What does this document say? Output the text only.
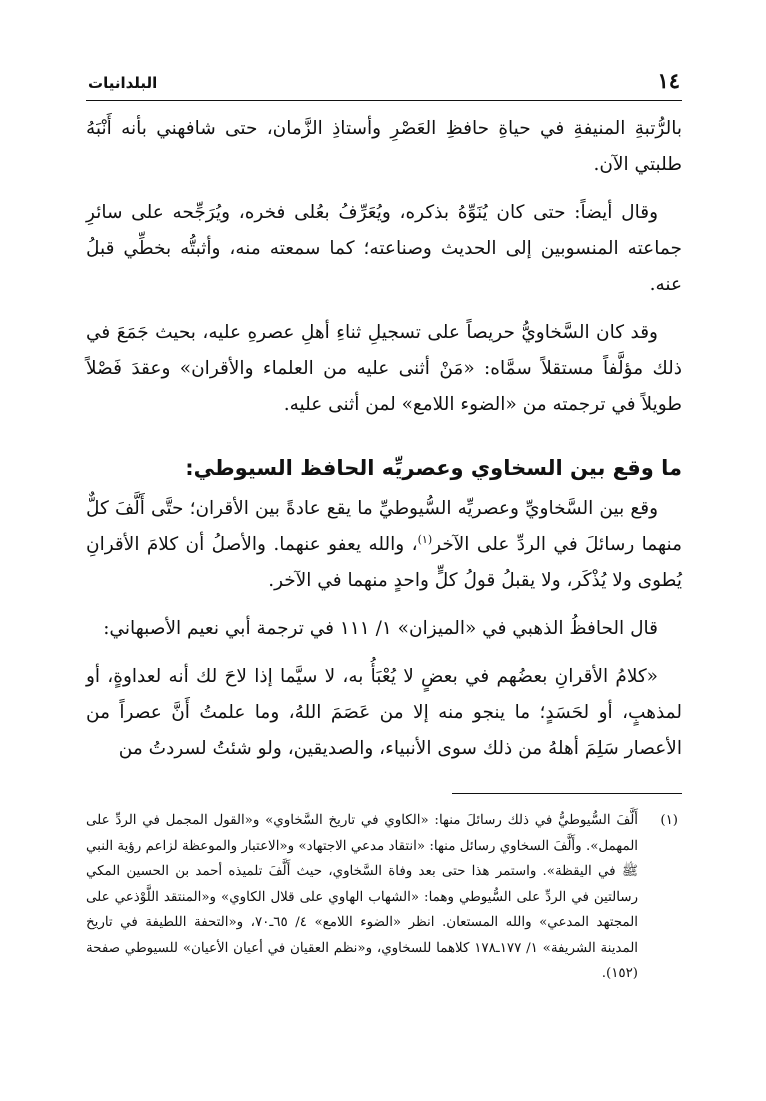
١٤
البلدانيات

بالرُّتبةِ المنيفةِ في حياةِ حافظِ العَصْرِ وأستاذِ الزَّمان، حتى شافهني بأنه أَنْبَهُ طلبتي الآن.

وقال أيضاً: حتى كان يُنَوِّهُ بذكره، ويُعَرِّفُ بعُلى فخره، ويُرَجِّحه على سائرِ جماعته المنسوبين إلى الحديث وصناعته؛ كما سمعته منه، وأثبتُّه بخطِّي قبلُ عنه.

وقد كان السَّخاويُّ حريصاً على تسجيلِ ثناءِ أهلِ عصرهِ عليه، بحيث جَمَعَ في ذلك مؤلَّفاً مستقلاً سمَّاه: «مَنْ أثنى عليه من العلماء والأقران» وعقدَ فَصْلاً طويلاً في ترجمته من «الضوء اللامع» لمن أثنى عليه.

ما وقع بين السخاوي وعصريِّه الحافظ السيوطي:

وقع بين السَّخاويِّ وعصريِّه السُّيوطيِّ ما يقع عادةً بين الأقران؛ حتَّى أَلَّفَ كلٌّ منهما رسائلَ في الردِّ على الآخر$^{(١)}$، والله يعفو عنهما. والأصلُ أن كلامَ الأقرانِ يُطوى ولا يُذْكَر، ولا يقبلُ قولُ كلٍّ واحدٍ منهما في الآخر.

قال الحافظُ الذهبي في «الميزان» ١/ ١١١ في ترجمة أبي نعيم الأصبهاني:

«كلامُ الأقرانِ بعضُهم في بعضٍ لا يُعْبَأُ به، لا سيَّما إذا لاحَ لك أنه لعداوةٍ، أو لمذهبٍ، أو لحَسَدٍ؛ ما ينجو منه إلا من عَصَمَ اللهُ، وما علمتُ أَنَّ عصراً من الأعصار سَلِمَ أهلهُ من ذلك سوى الأنبياء، والصديقين، ولو شئتُ لسردتُ من

(١)
أَلَّفَ السُّيوطيُّ في ذلك رسائلَ منها: «الكاوي في تاريخ السَّخاوي» و«القول المجمل في الردِّ على المهمل». وأَلَّفَ السخاوي رسائل منها: «انتقاد مدعي الاجتهاد» و«الاعتبار والموعظة لزاعم رؤية النبي ﷺ في اليقظة». واستمر هذا حتى بعد وفاة السَّخاوي، حيث أَلَّفَ تلميذه أحمد بن الحسين المكي رسالتين في الردِّ على السُّيوطي وهما: «الشهاب الهاوي على قلال الكاوي» و«المنتقد اللَّوْذعي على المجتهد المدعي» والله المستعان. انظر «الضوء اللامع» ٤/ ٦٥ـ٧٠، و«التحفة اللطيفة في تاريخ المدينة الشريفة» ١/ ١٧٧ـ١٧٨ كلاهما للسخاوي، و«نظم العقيان في أعيان الأعيان» للسيوطي صفحة (١٥٢).
